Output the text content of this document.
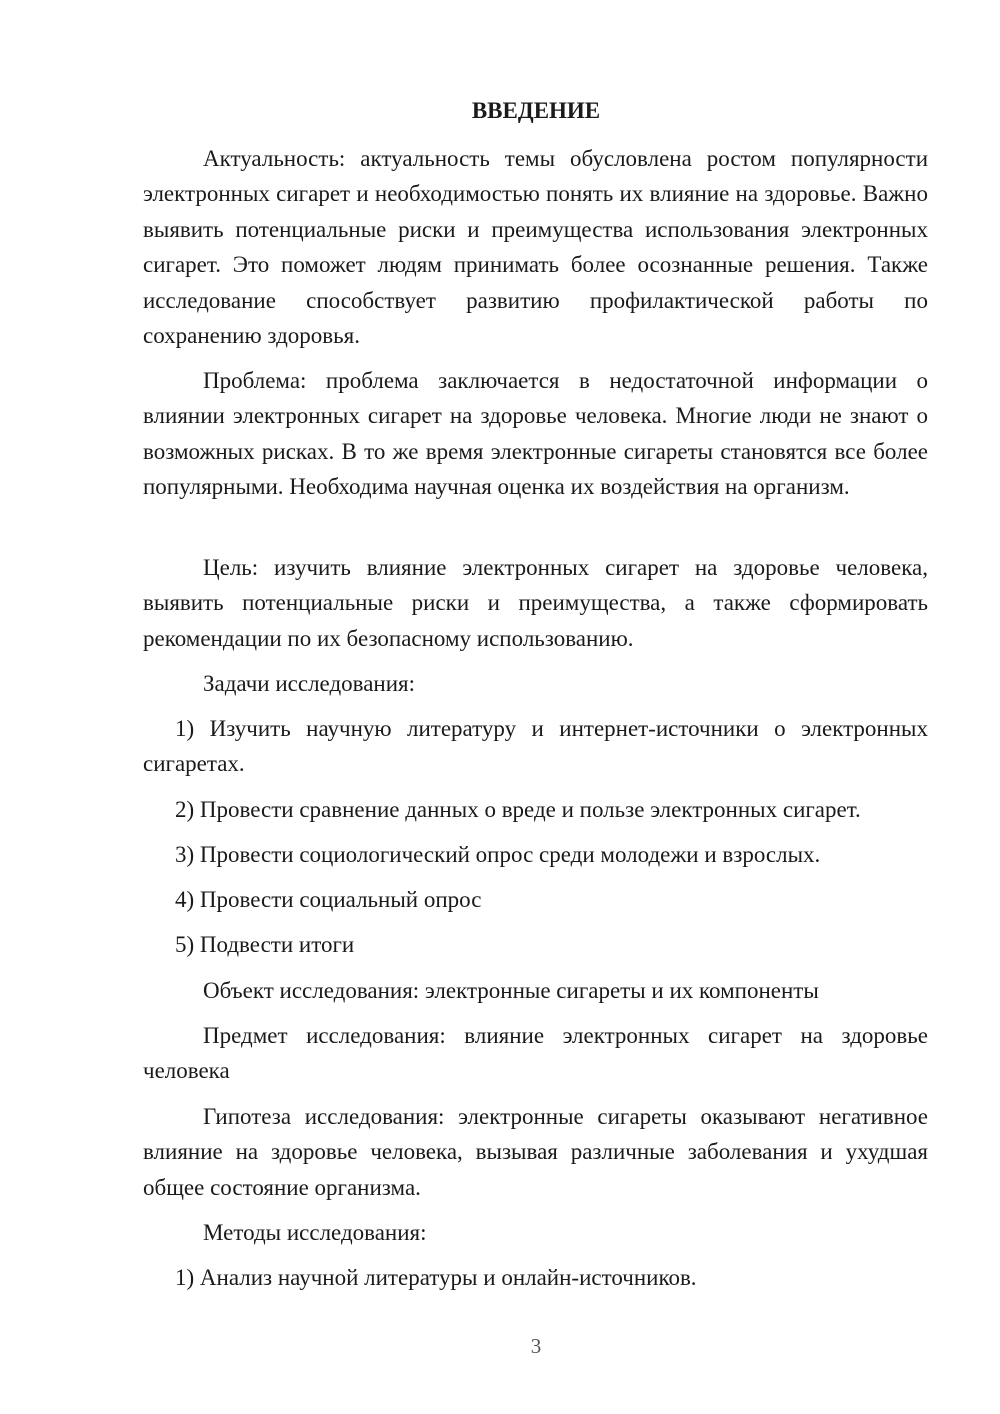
ВВЕДЕНИЕ

Актуальность: актуальность темы обусловлена ростом популярности электронных сигарет и необходимостью понять их влияние на здоровье. Важно выявить потенциальные риски и преимущества использования электронных сигарет. Это поможет людям принимать более осознанные решения. Также исследование способствует развитию профилактической работы по сохранению здоровья.

Проблема: проблема заключается в недостаточной информации о влиянии электронных сигарет на здоровье человека. Многие люди не знают о возможных рисках. В то же время электронные сигареты становятся все более популярными. Необходима научная оценка их воздействия на организм.

Цель: изучить влияние электронных сигарет на здоровье человека, выявить потенциальные риски и преимущества, а также сформировать рекомендации по их безопасному использованию.

Задачи исследования:

1) Изучить научную литературу и интернет-источники о электронных сигаретах.

2) Провести сравнение данных о вреде и пользе электронных сигарет.

3) Провести социологический опрос среди молодежи и взрослых.

4) Провести социальный опрос

5) Подвести итоги

Объект исследования: электронные сигареты и их компоненты

Предмет исследования: влияние электронных сигарет на здоровье человека

Гипотеза исследования: электронные сигареты оказывают негативное влияние на здоровье человека, вызывая различные заболевания и ухудшая общее состояние организма.

Методы исследования:

1) Анализ научной литературы и онлайн-источников.

3
